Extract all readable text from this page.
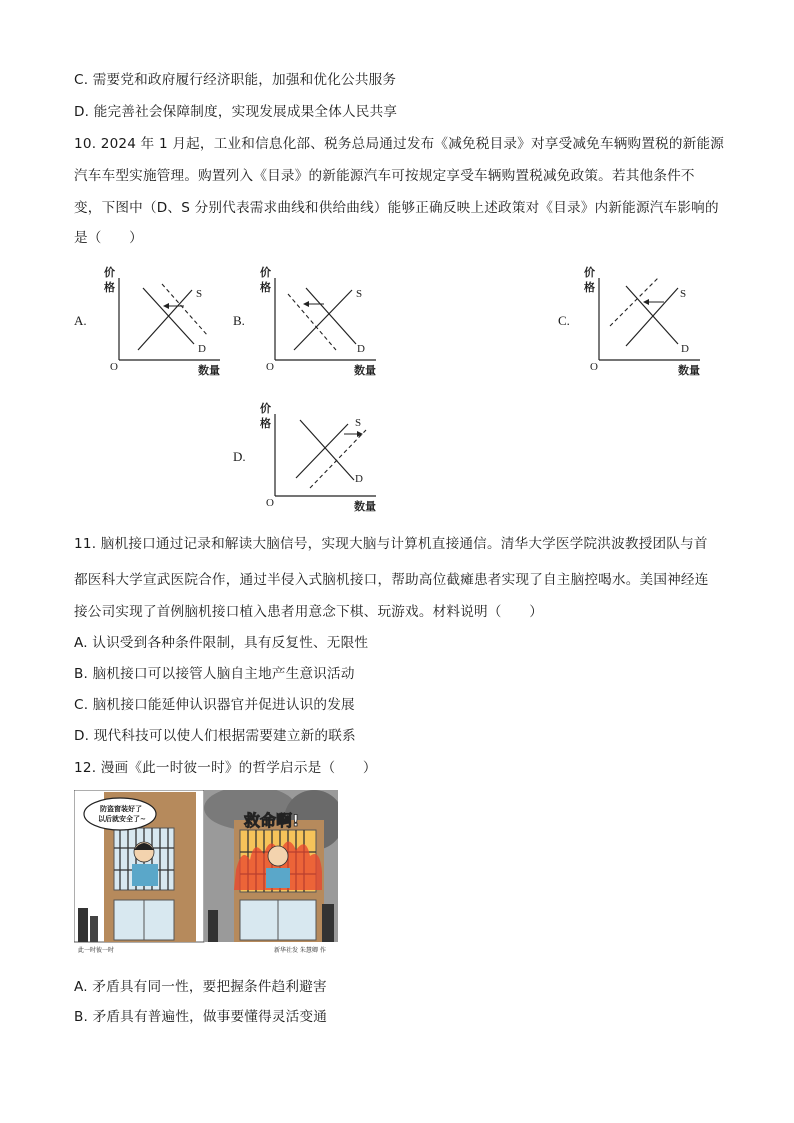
C. 需要党和政府履行经济职能，加强和优化公共服务
D. 能完善社会保障制度，实现发展成果全体人民共享
10. 2024 年 1 月起，工业和信息化部、税务总局通过发布《减免税目录》对享受减免车辆购置税的新能源
汽车车型实施管理。购置列入《目录》的新能源汽车可按规定享受车辆购置税减免政策。若其他条件不
变，下图中（D、S 分别代表需求曲线和供给曲线）能够正确反映上述政策对《目录》内新能源汽车影响的
是（　　）
A.	B.	C.
D.
价
格
O	数量
S
D
价
格
O	数量
S
D
价
格
O	数量
S
D
价
格
O	数量
S
D
11. 脑机接口通过记录和解读大脑信号，实现大脑与计算机直接通信。清华大学医学院洪波教授团队与首
都医科大学宣武医院合作，通过半侵入式脑机接口，帮助高位截瘫患者实现了自主脑控喝水。美国神经连
接公司实现了首例脑机接口植入患者用意念下棋、玩游戏。材料说明（　　）
A. 认识受到各种条件限制，具有反复性、无限性
B. 脑机接口可以接管人脑自主地产生意识活动
C. 脑机接口能延伸认识器官并促进认识的发展
D. 现代科技可以使人们根据需要建立新的联系
12. 漫画《此一时彼一时》的哲学启示是（　　）
防盗窗装好了
以后就安全了~	救命啊!
此一时彼一时	新华社发 朱慧卿 作
A. 矛盾具有同一性，要把握条件趋利避害
B. 矛盾具有普遍性，做事要懂得灵活变通
